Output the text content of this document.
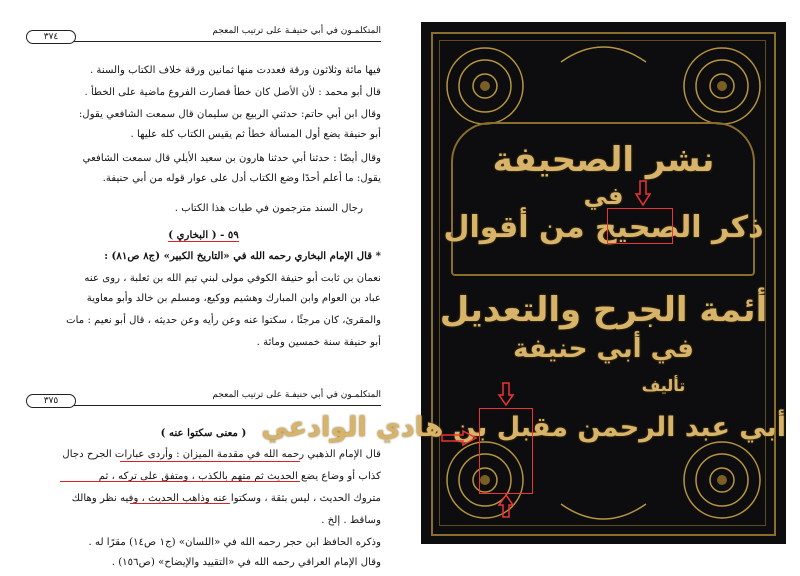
المتكلمـون في أبي حنيفـة على ترتيب المعجم
٣٧٤
فيها مائة وثلاثون ورقة فعددت منها ثمانين ورقة خلاف الكتاب والسنة .
قال أبو محمد : لأن الأصل كان خطأ فصارت الفروع ماضية على الخطأ .
وقال ابن أبي حاتم: حدثني الربيع بن سليمان قال سمعت الشافعي يقول:
أبو حنيفة يضع أول المسألة خطأ ثم يقيس الكتاب كله عليها .
وقال أيضًا : حدثنا أبي حدثنا هارون بن سعيد الأيلي قال سمعت الشافعي
يقول: ما أعلم أحدًا وضع الكتاب أدل على عوار قوله من أبي حنيفة.
رجال السند مترجمون في طيات هذا الكتاب .
٥٩ - ( البخاري )
* قال الإمام البخاري رحمه الله في «التاريخ الكبير» (ج٨ ص٨١) :
نعمان بن ثابت أبو حنيفة الكوفي مولى لبني تيم الله بن ثعلبة ، روى عنه
عباد بن العوام وابن المبارك وهشيم ووكيع، ومسلم بن خالد وأبو معاوية
والمقرئ، كان مرجئًا ، سكتوا عنه وعن رأيه وعن حديثه ، قال أبو نعيم : مات
أبو حنيفة سنة خمسين ومائة .
المتكلمـون في أبي حنيفـة على ترتيب المعجم
٣٧٥
( معنى سكتوا عنه )
قال الإمام الذهبي رحمه الله في مقدمة الميزان : وأردى عبارات الجرح دجال
كذاب أو وضاع يضع الحديث ثم متهم بالكذب ، ومتفق على تركه ، ثم
متروك الحديث ، ليس بثقة ، وسكتوا عنه وذاهب الحديث ، وفيه نظر وهالك
وساقط . إلخ .
وذكره الحافظ ابن حجر رحمه الله في «اللسان» (ج١ ص١٤) مقرًا له .
وقال الإمام العراقي رحمه الله في «التقييد والإيضاح» (ص١٥٦) .
نشر الصحيفة
في
ذكر الصحيح من أقوال
أئمة الجرح والتعديل
في أبي حنيفة
تأليف
أبي عبد الرحمن مقبل بن هادي الوادعي
